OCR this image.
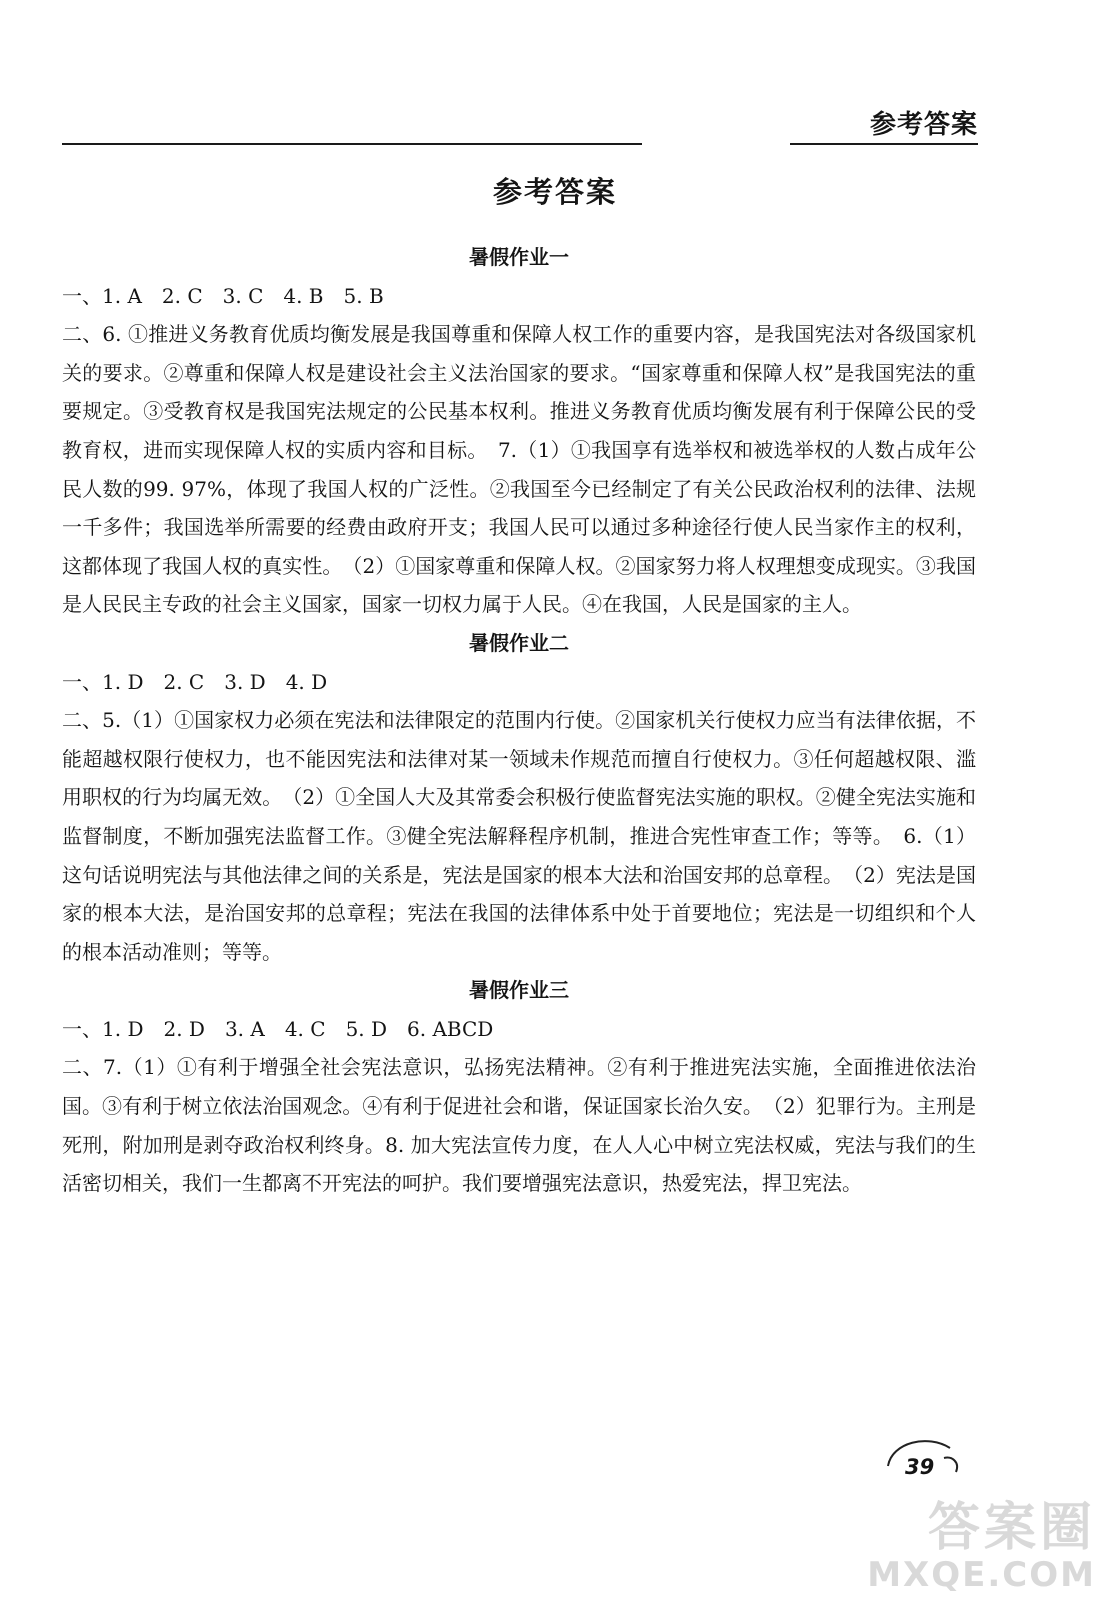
参考答案
参考答案
暑假作业一

一、1. A　2. C　3. C　4. B　5. B

二、6. ①推进义务教育优质均衡发展是我国尊重和保障人权工作的重要内容，是我国宪法对各级国家机关的要求。②尊重和保障人权是建设社会主义法治国家的要求。“国家尊重和保障人权”是我国宪法的重要规定。③受教育权是我国宪法规定的公民基本权利。推进义务教育优质均衡发展有利于保障公民的受教育权，进而实现保障人权的实质内容和目标。　7.（1）①我国享有选举权和被选举权的人数占成年公民人数的99. 97%，体现了我国人权的广泛性。②我国至今已经制定了有关公民政治权利的法律、法规一千多件；我国选举所需要的经费由政府开支；我国人民可以通过多种途径行使人民当家作主的权利，这都体现了我国人权的真实性。　（2）①国家尊重和保障人权。②国家努力将人权理想变成现实。③我国是人民民主专政的社会主义国家，国家一切权力属于人民。④在我国，人民是国家的主人。

暑假作业二

一、1. D　2. C　3. D　4. D

二、5.（1）①国家权力必须在宪法和法律限定的范围内行使。②国家机关行使权力应当有法律依据，不能超越权限行使权力，也不能因宪法和法律对某一领域未作规范而擅自行使权力。③任何超越权限、滥用职权的行为均属无效。　（2）①全国人大及其常委会积极行使监督宪法实施的职权。②健全宪法实施和监督制度，不断加强宪法监督工作。③健全宪法解释程序机制，推进合宪性审查工作；等等。　6.（1）这句话说明宪法与其他法律之间的关系是，宪法是国家的根本大法和治国安邦的总章程。　（2）宪法是国家的根本大法，是治国安邦的总章程；宪法在我国的法律体系中处于首要地位；宪法是一切组织和个人的根本活动准则；等等。

暑假作业三

一、1. D　2. D　3. A　4. C　5. D　6. ABCD

二、7.（1）①有利于增强全社会宪法意识，弘扬宪法精神。②有利于推进宪法实施，全面推进依法治国。③有利于树立依法治国观念。④有利于促进社会和谐，保证国家长治久安。　（2）犯罪行为。主刑是死刑，附加刑是剥夺政治权利终身。8. 加大宪法宣传力度，在人人心中树立宪法权威，宪法与我们的生活密切相关，我们一生都离不开宪法的呵护。我们要增强宪法意识，热爱宪法，捍卫宪法。

39
答案圈
MXQE.COM
